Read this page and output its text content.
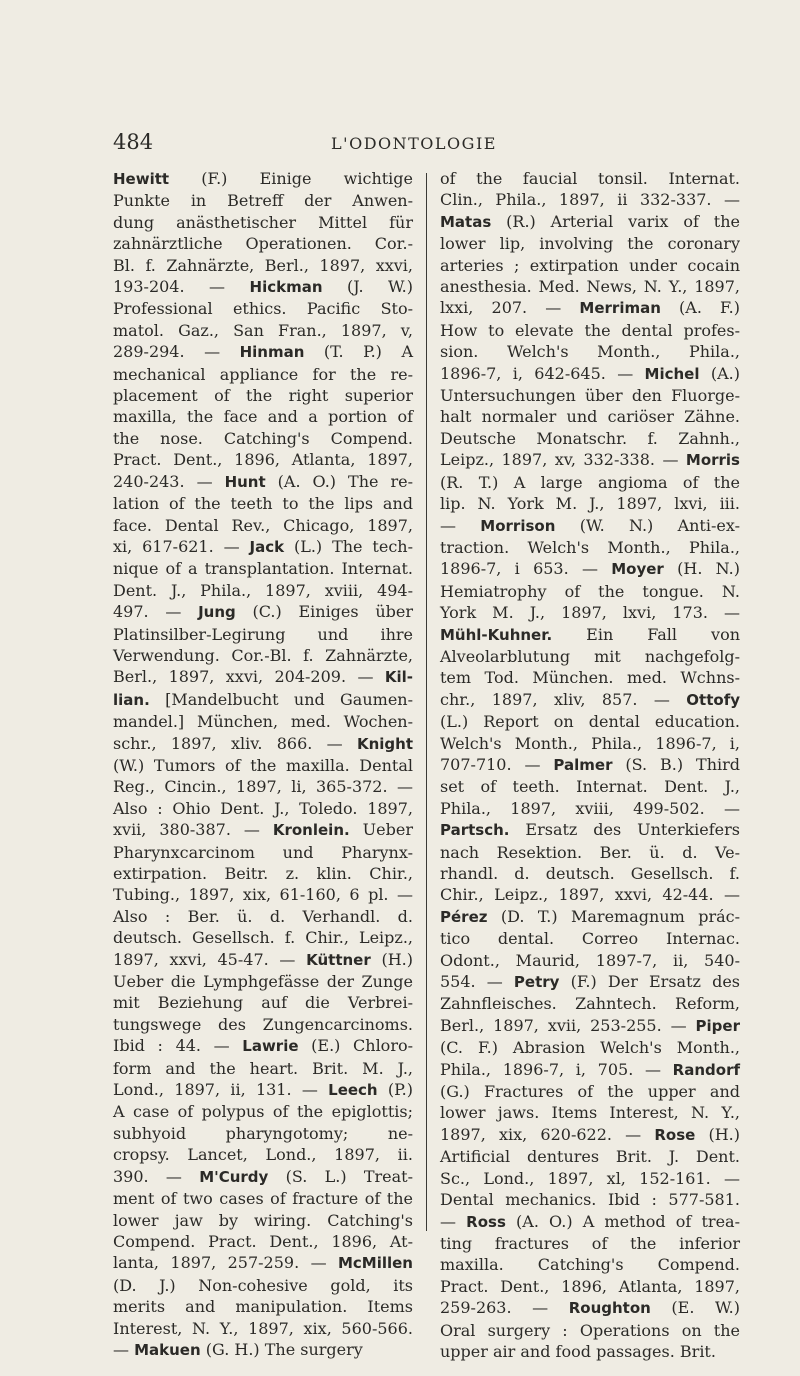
484	L'ODONTOLOGIE
Hewitt (F.) Einige wichtige
Punkte in Betreff der Anwen-
dung anästhetischer Mittel für
zahnärztliche Operationen. Cor.-
Bl. f. Zahnärzte, Berl., 1897, xxvi,
193-204. — Hickman (J. W.)
Professional ethics. Pacific Sto-
matol. Gaz., San Fran., 1897, v,
289-294. — Hinman (T. P.) A
mechanical appliance for the re-
placement of the right superior
maxilla, the face and a portion of
the nose. Catching's Compend.
Pract. Dent., 1896, Atlanta, 1897,
240-243. — Hunt (A. O.) The re-
lation of the teeth to the lips and
face. Dental Rev., Chicago, 1897,
xi, 617-621. — Jack (L.) The tech-
nique of a transplantation. Internat.
Dent. J., Phila., 1897, xviii, 494-
497. — Jung (C.) Einiges über
Platinsilber-Legirung und ihre
Verwendung. Cor.-Bl. f. Zahnärzte,
Berl., 1897, xxvi, 204-209. — Kil-
lian. [Mandelbucht und Gaumen-
mandel.] München, med. Wochen-
schr., 1897, xliv. 866. — Knight
(W.) Tumors of the maxilla. Dental
Reg., Cincin., 1897, li, 365-372. —
Also : Ohio Dent. J., Toledo. 1897,
xvii, 380-387. — Kronlein. Ueber
Pharynxcarcinom und Pharynx-
extirpation. Beitr. z. klin. Chir.,
Tubing., 1897, xix, 61-160, 6 pl. —
Also : Ber. ü. d. Verhandl. d.
deutsch. Gesellsch. f. Chir., Leipz.,
1897, xxvi, 45-47. — Küttner (H.)
Ueber die Lymphgefässe der Zunge
mit Beziehung auf die Verbrei-
tungswege des Zungencarcinoms.
Ibid : 44. — Lawrie (E.) Chloro-
form and the heart. Brit. M. J.,
Lond., 1897, ii, 131. — Leech (P.)
A case of polypus of the epiglottis;
subhyoid pharyngotomy; ne-
cropsy. Lancet, Lond., 1897, ii.
390. — M'Curdy (S. L.) Treat-
ment of two cases of fracture of the
lower jaw by wiring. Catching's
Compend. Pract. Dent., 1896, At-
lanta, 1897, 257-259. — McMillen
(D. J.) Non-cohesive gold, its
merits and manipulation. Items
Interest, N. Y., 1897, xix, 560-566.
— Makuen (G. H.) The surgery
of the faucial tonsil. Internat.
Clin., Phila., 1897, ii 332-337. —
Matas (R.) Arterial varix of the
lower lip, involving the coronary
arteries ; extirpation under cocain
anesthesia. Med. News, N. Y., 1897,
lxxi, 207. — Merriman (A. F.)
How to elevate the dental profes-
sion. Welch's Month., Phila.,
1896-7, i, 642-645. — Michel (A.)
Untersuchungen über den Fluorge-
halt normaler und cariöser Zähne.
Deutsche Monatschr. f. Zahnh.,
Leipz., 1897, xv, 332-338. — Morris
(R. T.) A large angioma of the
lip. N. York M. J., 1897, lxvi, iii.
— Morrison (W. N.) Anti-ex-
traction. Welch's Month., Phila.,
1896-7, i 653. — Moyer (H. N.)
Hemiatrophy of the tongue. N.
York M. J., 1897, lxvi, 173. —
Mühl-Kuhner. Ein Fall von
Alveolarblutung mit nachgefolg-
tem Tod. München. med. Wchns-
chr., 1897, xliv, 857. — Ottofy
(L.) Report on dental education.
Welch's Month., Phila., 1896-7, i,
707-710. — Palmer (S. B.) Third
set of teeth. Internat. Dent. J.,
Phila., 1897, xviii, 499-502. —
Partsch. Ersatz des Unterkiefers
nach Resektion. Ber. ü. d. Ve-
rhandl. d. deutsch. Gesellsch. f.
Chir., Leipz., 1897, xxvi, 42-44. —
Pérez (D. T.) Maremagnum prác-
tico dental. Correo Internac.
Odont., Maurid, 1897-7, ii, 540-
554. — Petry (F.) Der Ersatz des
Zahnfleisches. Zahntech. Reform,
Berl., 1897, xvii, 253-255. — Piper
(C. F.) Abrasion Welch's Month.,
Phila., 1896-7, i, 705. — Randorf
(G.) Fractures of the upper and
lower jaws. Items Interest, N. Y.,
1897, xix, 620-622. — Rose (H.)
Artificial dentures Brit. J. Dent.
Sc., Lond., 1897, xl, 152-161. —
Dental mechanics. Ibid : 577-581.
— Ross (A. O.) A method of trea-
ting fractures of the inferior
maxilla. Catching's Compend.
Pract. Dent., 1896, Atlanta, 1897,
259-263. — Roughton (E. W.)
Oral surgery : Operations on the
upper air and food passages. Brit.
